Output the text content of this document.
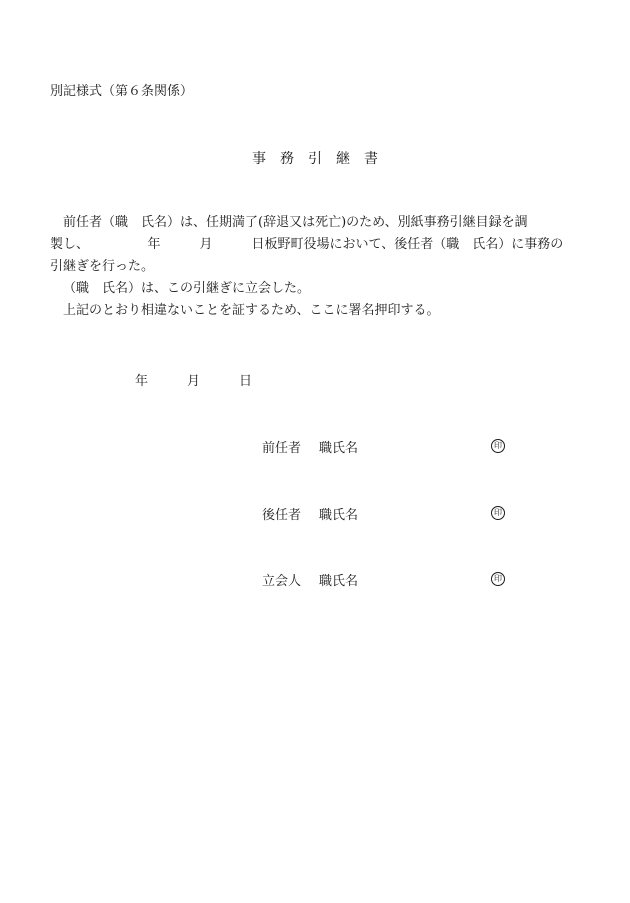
別記様式（第６条関係）
事　務　引　継　書

前任者（職　氏名）は、任期満了(辞退又は死亡)のため、別紙事務引継目録を調

製し、　　　　　年　　　月　　　日板野町役場において、後任者（職　氏名）に事務の

引継ぎを行った。

（職　氏名）は、この引継ぎに立会した。

上記のとおり相違ないことを証するため、ここに署名押印する。

年　　　月　　　日
前任者 職氏名	印
後任者 職氏名	印
立会人 職氏名	印
